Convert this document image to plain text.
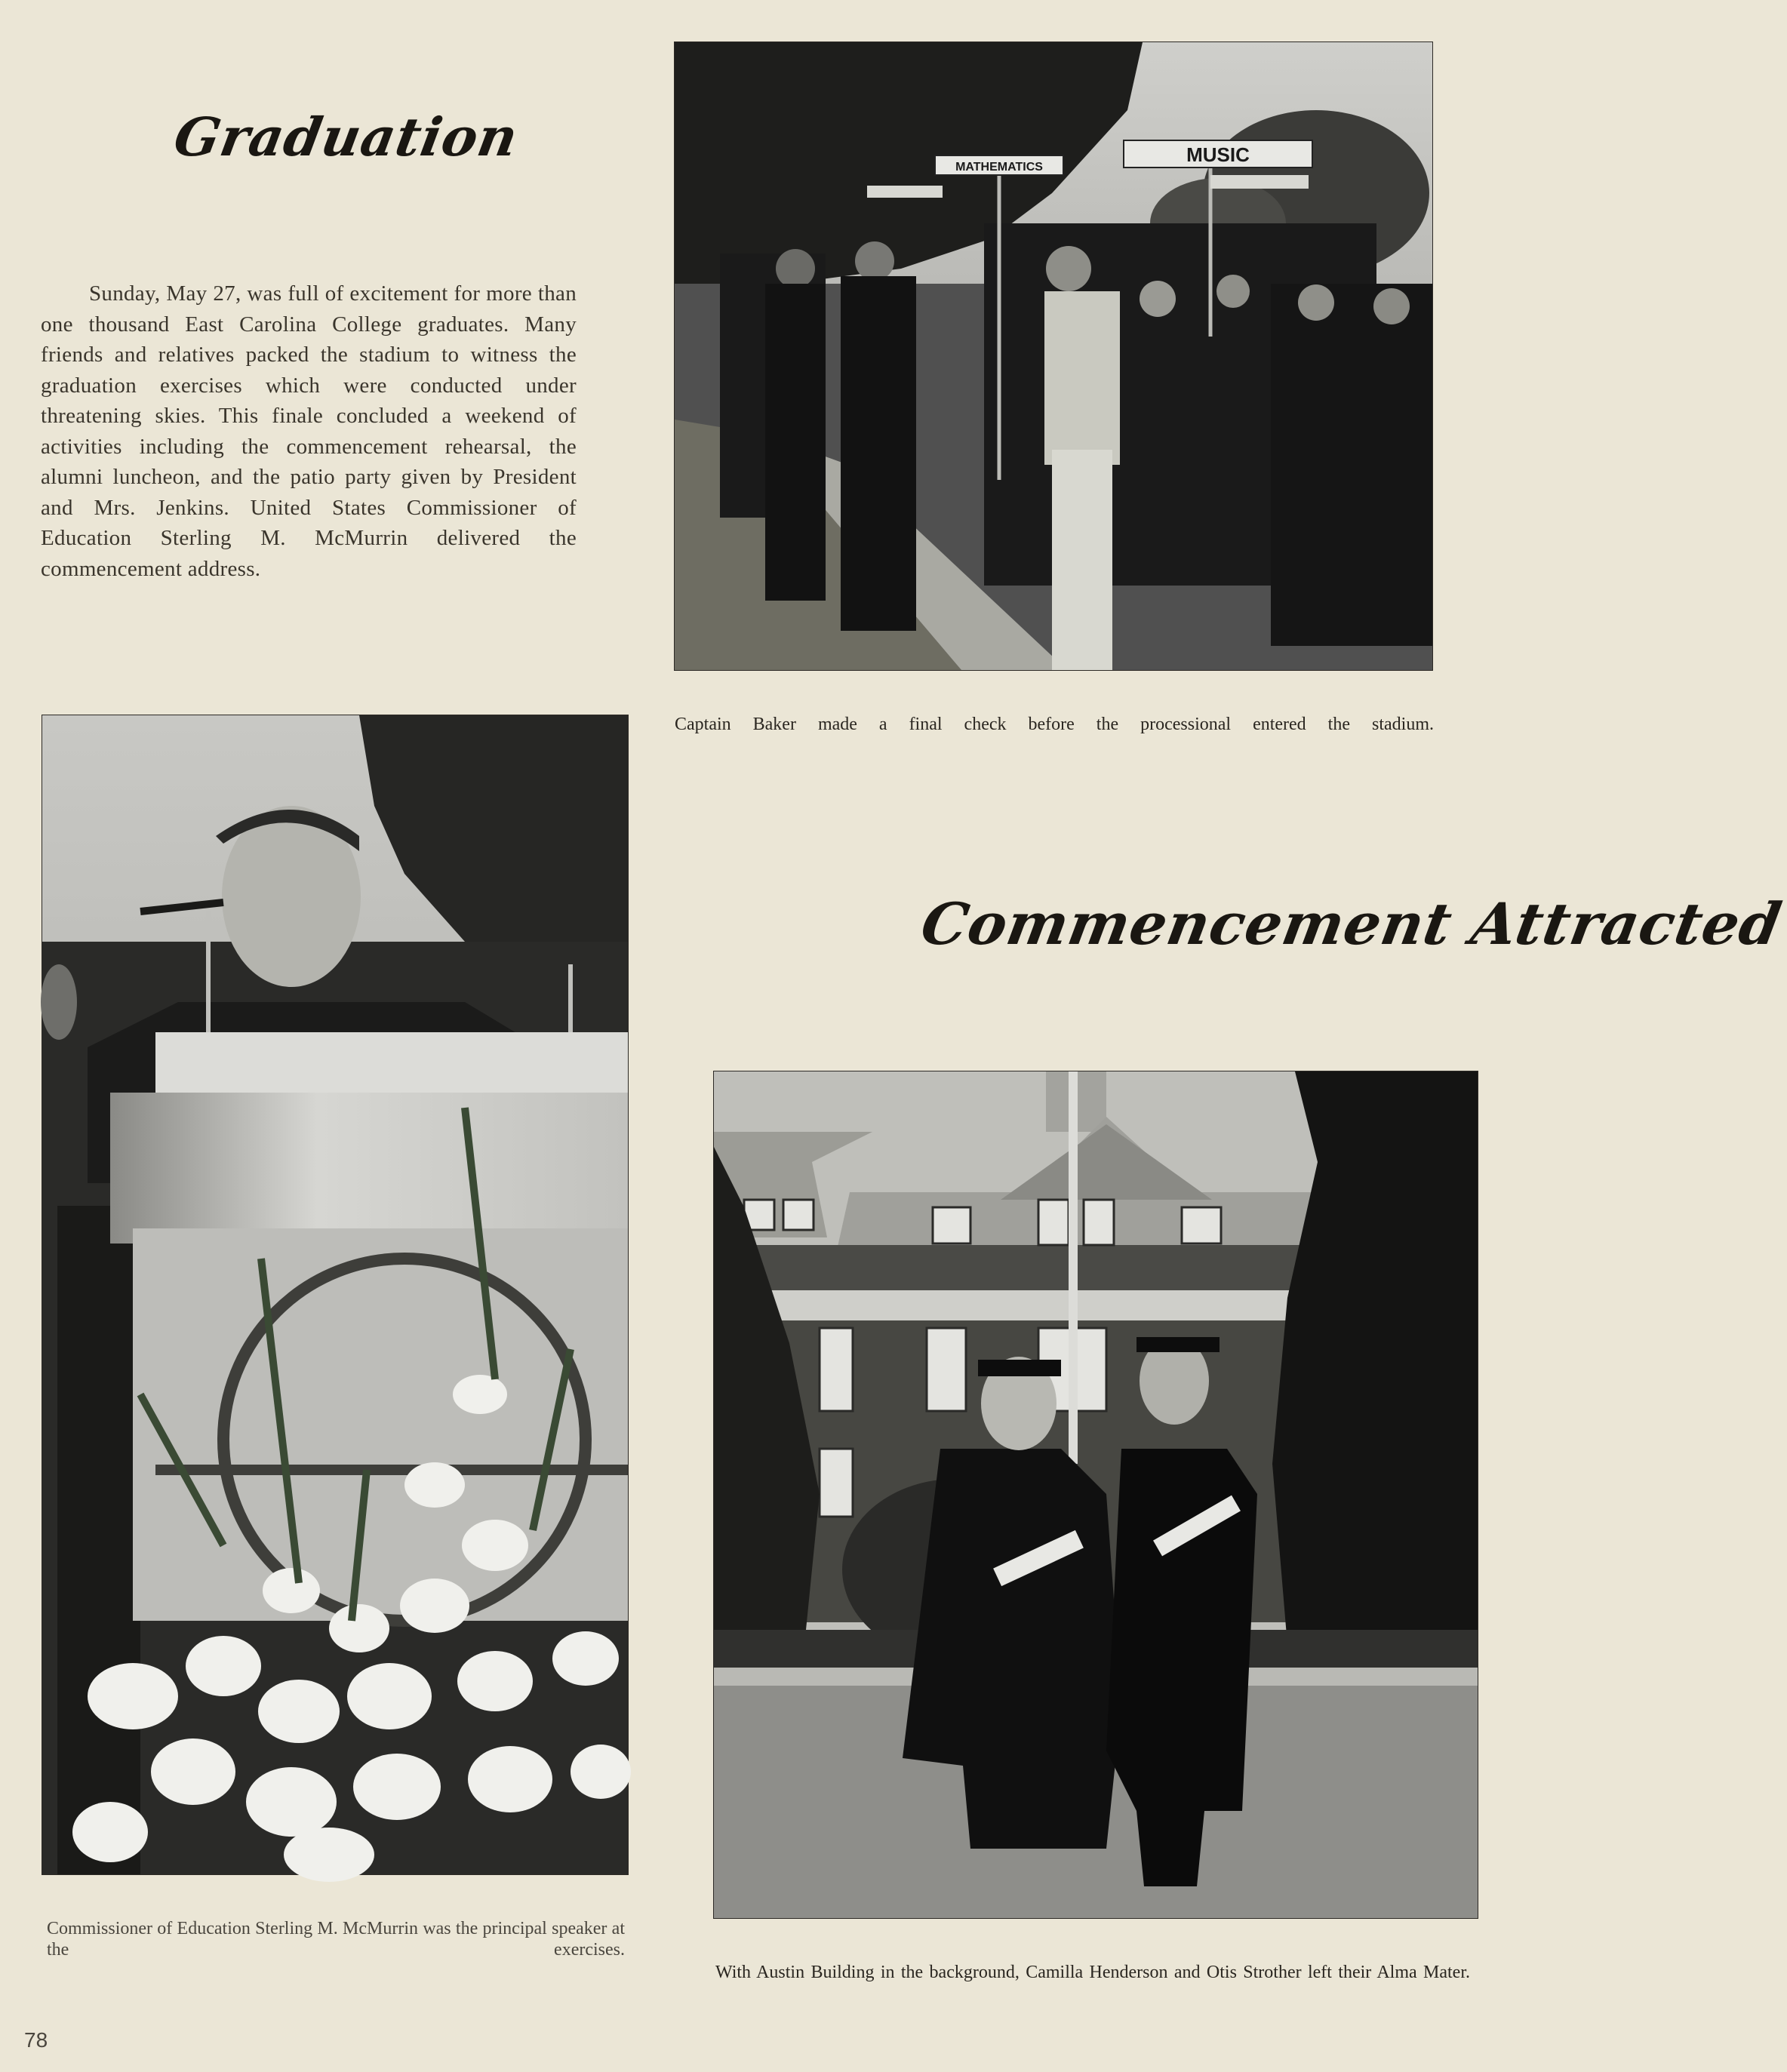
Graduation

Sunday, May 27, was full of excitement for more than one thousand East Carolina College graduates. Many friends and relatives packed the stadium to witness the graduation exercises which were conducted under threatening skies. This finale concluded a weekend of activities including the commencement rehearsal, the alumni luncheon, and the patio party given by President and Mrs. Jenkins. United States Commissioner of Education Sterling M. McMurrin delivered the commencement address.

MUSIC
MATHEMATICS

Captain Baker made a final check before the processional entered the stadium.

Commissioner of Education Sterling M. McMurrin was the principal speaker at the exercises.

Commencement Attracted

With Austin Building in the background, Camilla Henderson and Otis Strother left their Alma Mater.

78
